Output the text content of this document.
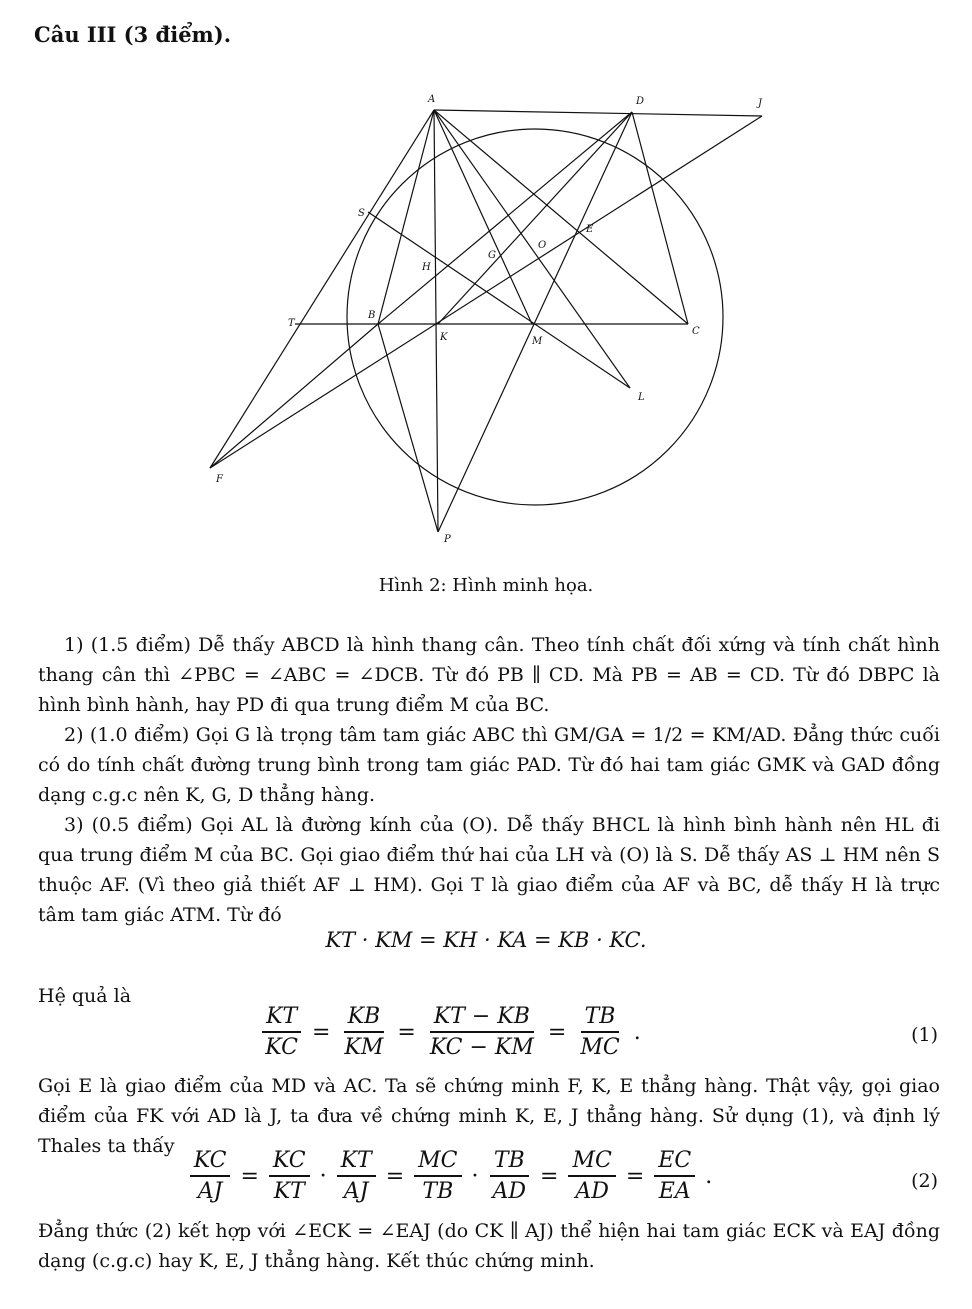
Câu III (3 điểm).
A	D	J
S
E
O
G
H
T
B
K	M
C
L
F
P
Hình 2: Hình minh họa.

1) (1.5 điểm) Dễ thấy ABCD là hình thang cân. Theo tính chất đối xứng và tính chất hình thang cân thì ∠PBC = ∠ABC = ∠DCB. Từ đó PB ∥ CD. Mà PB = AB = CD. Từ đó DBPC là hình bình hành, hay PD đi qua trung điểm M của BC.

2) (1.0 điểm) Gọi G là trọng tâm tam giác ABC thì GM/GA = 1/2 = KM/AD. Đẳng thức cuối có do tính chất đường trung bình trong tam giác PAD. Từ đó hai tam giác GMK và GAD đồng dạng c.g.c nên K, G, D thẳng hàng.

3) (0.5 điểm) Gọi AL là đường kính của (O). Dễ thấy BHCL là hình bình hành nên HL đi qua trung điểm M của BC. Gọi giao điểm thứ hai của LH và (O) là S. Dễ thấy AS ⊥ HM nên S thuộc AF. (Vì theo giả thiết AF ⊥ HM). Gọi T là giao điểm của AF và BC, dễ thấy H là trực tâm tam giác ATM. Từ đó

KT · KM = KH · KA = KB · KC.
Hệ quả là
$\frac{KT}{KC} = \frac{KB}{KM} = \frac{KT - KB}{KC - KM} = \frac{TB}{MC}$ .	(1)

Gọi E là giao điểm của MD và AC. Ta sẽ chứng minh F, K, E thẳng hàng. Thật vậy, gọi giao điểm của FK với AD là J, ta đưa về chứng minh K, E, J thẳng hàng. Sử dụng (1), và định lý Thales ta thấy

$\frac{KC}{AJ} = \frac{KC}{KT} \cdot \frac{KT}{AJ} = \frac{MC}{TB} \cdot \frac{TB}{AD} = \frac{MC}{AD} = \frac{EC}{EA}$ .	(2)

Đẳng thức (2) kết hợp với ∠ECK = ∠EAJ (do CK ∥ AJ) thể hiện hai tam giác ECK và EAJ đồng dạng (c.g.c) hay K, E, J thẳng hàng. Kết thúc chứng minh.
